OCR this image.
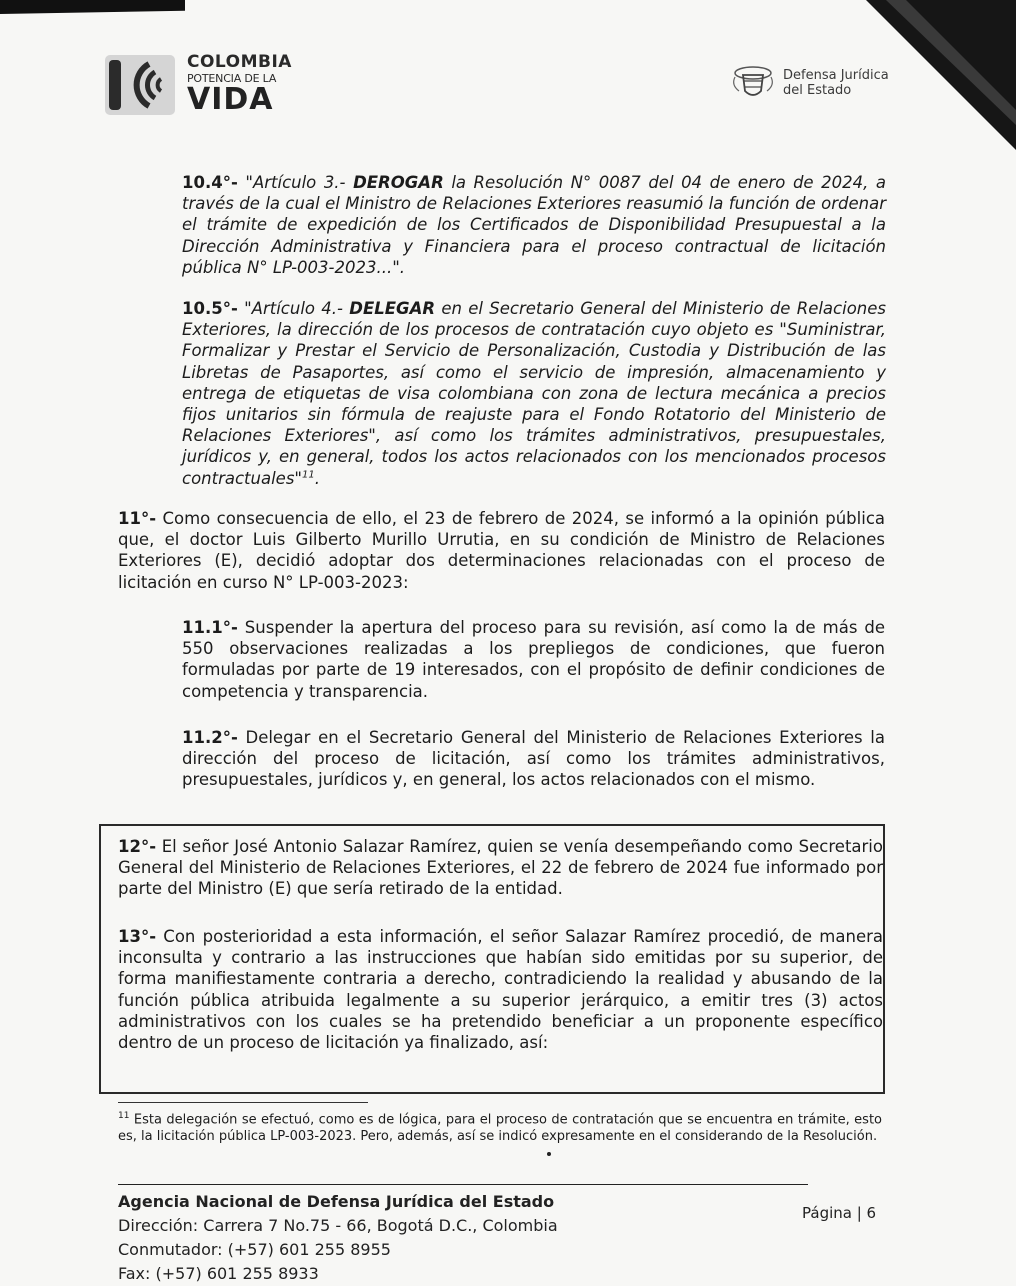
COLOMBIA
POTENCIA DE LA
VIDA
Defensa Jurídica
del Estado
10.4°- "Artículo 3.- DEROGAR la Resolución N° 0087 del 04 de enero de 2024, a través de la cual el Ministro de Relaciones Exteriores reasumió la función de ordenar el trámite de expedición de los Certificados de Disponibilidad Presupuestal a la Dirección Administrativa y Financiera para el proceso contractual de licitación pública N° LP-003-2023...".
10.5°- "Artículo 4.- DELEGAR en el Secretario General del Ministerio de Relaciones Exteriores, la dirección de los procesos de contratación cuyo objeto es "Suministrar, Formalizar y Prestar el Servicio de Personalización, Custodia y Distribución de las Libretas de Pasaportes, así como el servicio de impresión, almacenamiento y entrega de etiquetas de visa colombiana con zona de lectura mecánica a precios fijos unitarios sin fórmula de reajuste para el Fondo Rotatorio del Ministerio de Relaciones Exteriores", así como los trámites administrativos, presupuestales, jurídicos y, en general, todos los actos relacionados con los mencionados procesos contractuales"$^{11}$.
11°- Como consecuencia de ello, el 23 de febrero de 2024, se informó a la opinión pública que, el doctor Luis Gilberto Murillo Urrutia, en su condición de Ministro de Relaciones Exteriores (E), decidió adoptar dos determinaciones relacionadas con el proceso de licitación en curso N° LP-003-2023:
11.1°- Suspender la apertura del proceso para su revisión, así como la de más de 550 observaciones realizadas a los prepliegos de condiciones, que fueron formuladas por parte de 19 interesados, con el propósito de definir condiciones de competencia y transparencia.
11.2°- Delegar en el Secretario General del Ministerio de Relaciones Exteriores la dirección del proceso de licitación, así como los trámites administrativos, presupuestales, jurídicos y, en general, los actos relacionados con el mismo.
12°- El señor José Antonio Salazar Ramírez, quien se venía desempeñando como Secretario General del Ministerio de Relaciones Exteriores, el 22 de febrero de 2024 fue informado por parte del Ministro (E) que sería retirado de la entidad.
13°- Con posterioridad a esta información, el señor Salazar Ramírez procedió, de manera inconsulta y contrario a las instrucciones que habían sido emitidas por su superior, de forma manifiestamente contraria a derecho, contradiciendo la realidad y abusando de la función pública atribuida legalmente a su superior jerárquico, a emitir tres (3) actos administrativos con los cuales se ha pretendido beneficiar a un proponente específico dentro de un proceso de licitación ya finalizado, así:
$^{11}$ Esta delegación se efectuó, como es de lógica, para el proceso de contratación que se encuentra en trámite, esto es, la licitación pública LP-003-2023. Pero, además, así se indicó expresamente en el considerando de la Resolución.
Agencia Nacional de Defensa Jurídica del Estado
Dirección: Carrera 7 No.75 - 66, Bogotá D.C., Colombia
Conmutador: (+57) 601 255 8955
Fax: (+57) 601 255 8933
Página | 6
